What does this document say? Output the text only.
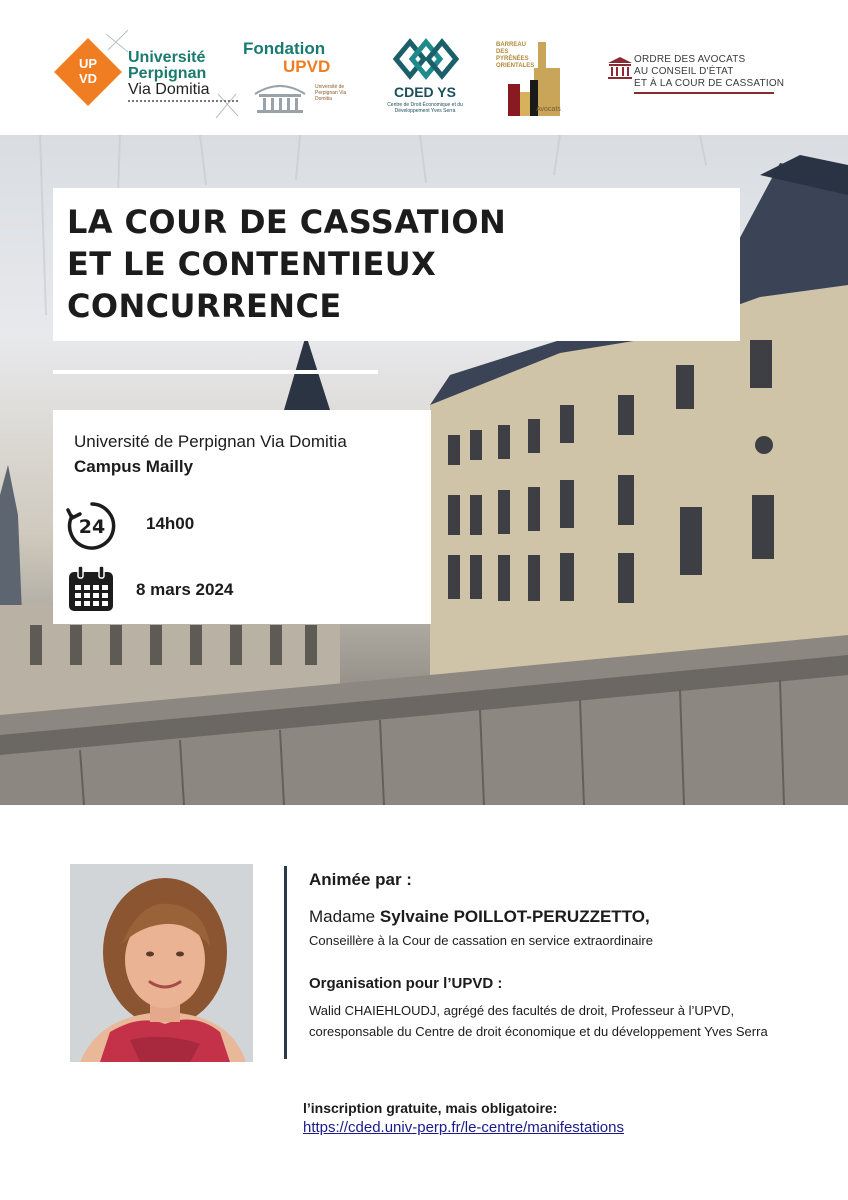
UP
VD
Université
Perpignan
Via Domitia
Fondation
UPVD
Université de Perpignan Via Domitia	CDED YS
Centre de Droit Économique et du Développement Yves Serra
BARREAU DES PYRÉNÉES ORIENTALES
Avocats
ORDRE DES AVOCATS
AU CONSEIL D'ÉTAT
ET À LA COUR DE CASSATION
LA COUR DE CASSATION
ET LE CONTENTIEUX
CONCURRENCE
Université de Perpignan Via Domitia
Campus Mailly
24 14h00
8 mars 2024
Animée par :
Madame Sylvaine POILLOT-PERUZZETTO,
Conseillère à la Cour de cassation en service extraordinaire
Organisation pour l’UPVD :
Walid CHAIEHLOUDJ, agrégé des facultés de droit, Professeur à l’UPVD, coresponsable du Centre de droit économique et du développement Yves Serra
l’inscription gratuite, mais obligatoire:
https://cded.univ-perp.fr/le-centre/manifestations
